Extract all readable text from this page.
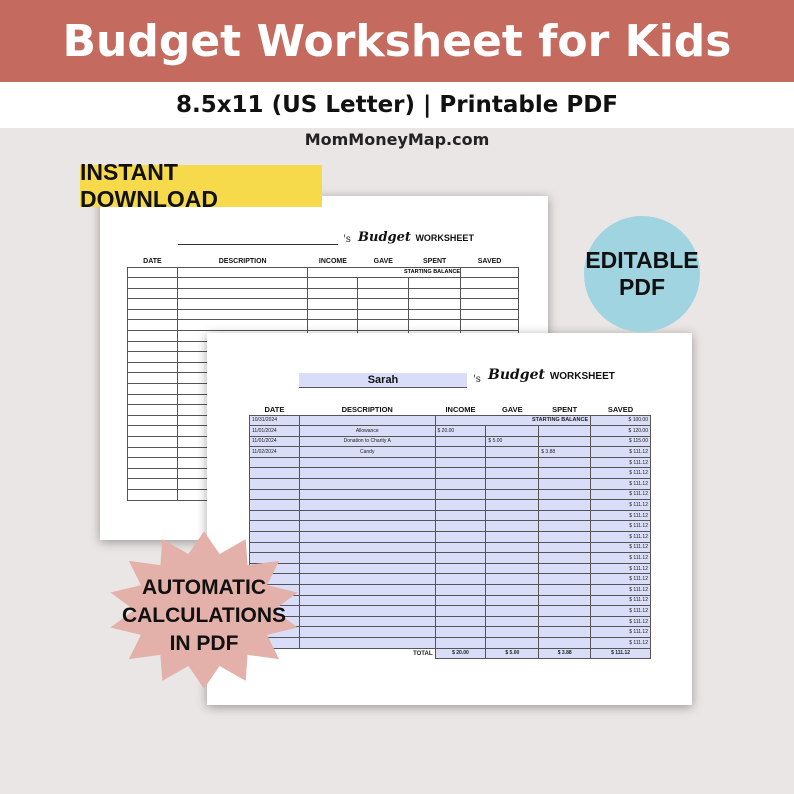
Budget Worksheet for Kids
8.5x11 (US Letter) | Printable PDF
MomMoneyMap.com
's Budget WORKSHEET
DATE	DESCRIPTION	INCOME	GAVE	SPENT	SAVED
		STARTING BALANCE			

INSTANT DOWNLOAD
Sarah	's Budget WORKSHEET
DATE	DESCRIPTION	INCOME	GAVE	SPENT	SAVED
10/31/2024		STARTING BALANCE			$ 100.00
11/01/2024	Allowance	$ 20.00			$ 120.00
11/01/2024	Donation to Charity A		$ 5.00		$ 115.00
11/02/2024	Candy			$ 3.88	$ 111.12
					$ 111.12
					$ 111.12
					$ 111.12
					$ 111.12
					$ 111.12
					$ 111.12
					$ 111.12
					$ 111.12
					$ 111.12
					$ 111.12
					$ 111.12
					$ 111.12
					$ 111.12
					$ 111.12
					$ 111.12
					$ 111.12
					$ 111.12
					$ 111.12
TOTAL		$ 20.00	$ 5.00	$ 3.88	$ 111.12
EDITABLE
PDF
AUTOMATIC
CALCULATIONS
IN PDF
